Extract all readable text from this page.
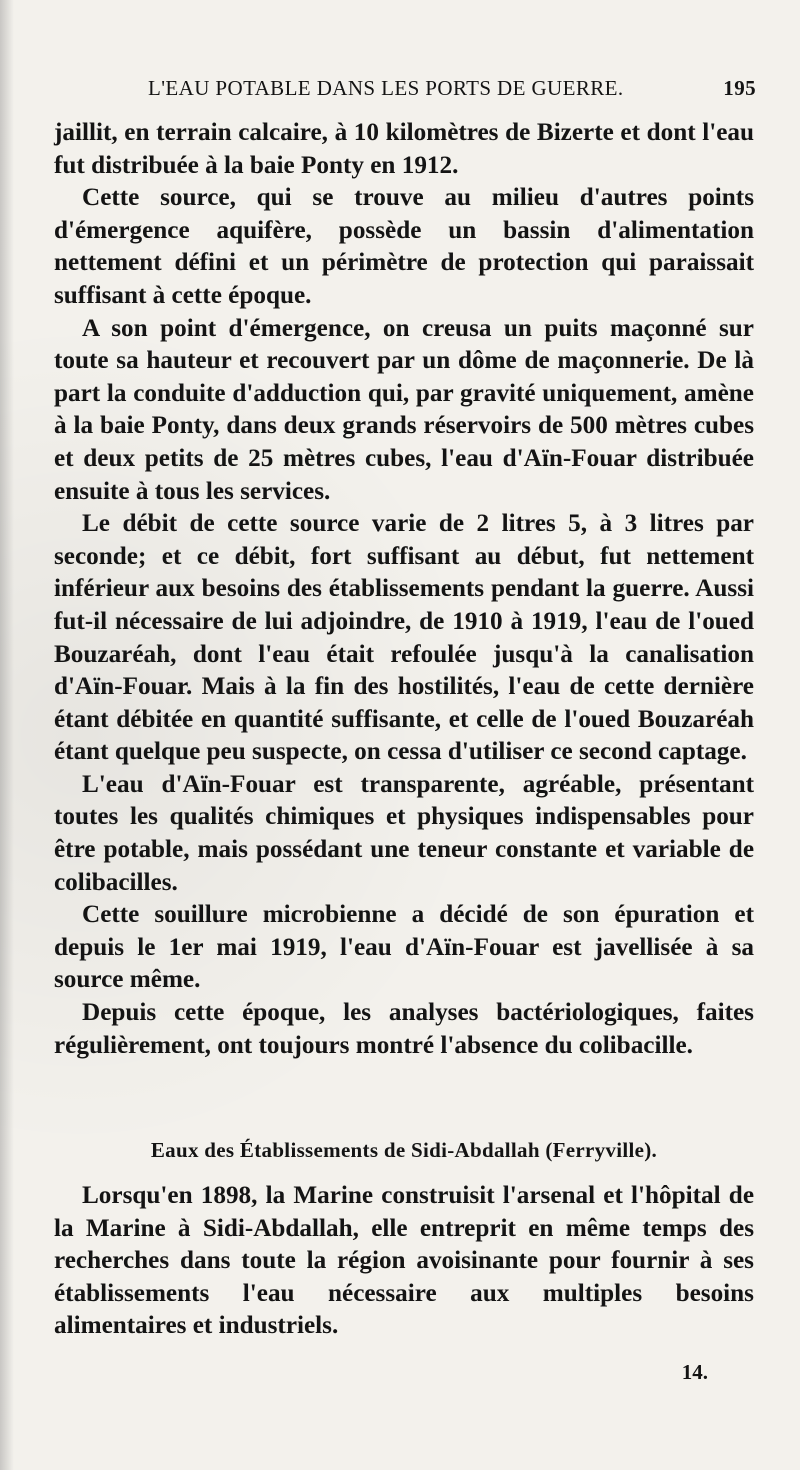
L'EAU POTABLE DANS LES PORTS DE GUERRE.	195

jaillit, en terrain calcaire, à 10 kilomètres de Bizerte et dont l'eau fut distribuée à la baie Ponty en 1912.

Cette source, qui se trouve au milieu d'autres points d'émergence aquifère, possède un bassin d'alimentation nettement défini et un périmètre de protection qui paraissait suffisant à cette époque.

A son point d'émergence, on creusa un puits maçonné sur toute sa hauteur et recouvert par un dôme de maçonnerie. De là part la conduite d'adduction qui, par gravité uniquement, amène à la baie Ponty, dans deux grands réservoirs de 500 mètres cubes et deux petits de 25 mètres cubes, l'eau d'Aïn-Fouar distribuée ensuite à tous les services.

Le débit de cette source varie de 2 litres 5, à 3 litres par seconde; et ce débit, fort suffisant au début, fut nettement inférieur aux besoins des établissements pendant la guerre. Aussi fut-il nécessaire de lui adjoindre, de 1910 à 1919, l'eau de l'oued Bouzaréah, dont l'eau était refoulée jusqu'à la canalisation d'Aïn-Fouar. Mais à la fin des hostilités, l'eau de cette dernière étant débitée en quantité suffisante, et celle de l'oued Bouzaréah étant quelque peu suspecte, on cessa d'utiliser ce second captage.

L'eau d'Aïn-Fouar est transparente, agréable, présentant toutes les qualités chimiques et physiques indispensables pour être potable, mais possédant une teneur constante et variable de colibacilles.

Cette souillure microbienne a décidé de son épuration et depuis le 1er mai 1919, l'eau d'Aïn-Fouar est javellisée à sa source même.

Depuis cette époque, les analyses bactériologiques, faites régulièrement, ont toujours montré l'absence du colibacille.

Eaux des Établissements de Sidi-Abdallah (Ferryville).

Lorsqu'en 1898, la Marine construisit l'arsenal et l'hôpital de la Marine à Sidi-Abdallah, elle entreprit en même temps des recherches dans toute la région avoisinante pour fournir à ses établissements l'eau nécessaire aux multiples besoins alimentaires et industriels.

14.
